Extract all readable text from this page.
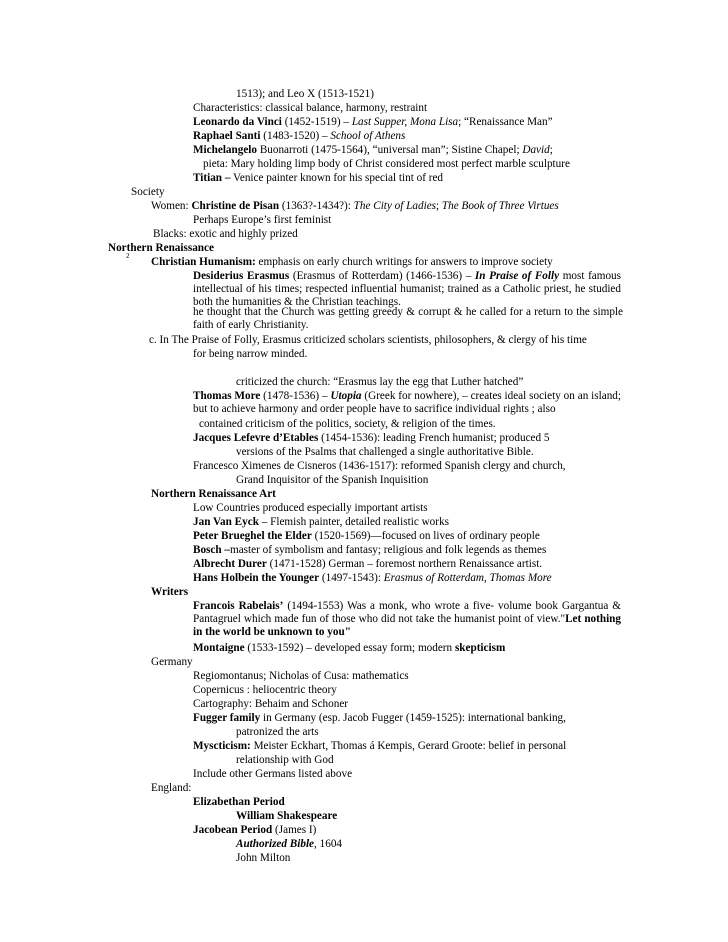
1513); and Leo X (1513-1521)
Characteristics: classical balance, harmony, restraint
Leonardo da Vinci (1452-1519) – Last Supper, Mona Lisa; “Renaissance Man”
Raphael Santi (1483-1520) – School of Athens
Michelangelo Buonarroti (1475-1564), “universal man”; Sistine Chapel; David;
pieta: Mary holding limp body of Christ considered most perfect marble sculpture
Titian – Venice painter known for his special tint of red
Society
Women: Christine de Pisan (1363?-1434?): The City of Ladies; The Book of Three Virtues
Perhaps Europe’s first feminist
Blacks: exotic and highly prized
Northern Renaissance
2 Christian Humanism: emphasis on early church writings for answers to improve society
Desiderius Erasmus (Erasmus of Rotterdam) (1466-1536) – In Praise of Folly most famous intellectual of his times; respected influential humanist; trained as a Catholic priest, he studied both the humanities & the Christian teachings.
he thought that the Church was getting greedy & corrupt & he called for a return to the simple faith of early Christianity.
c. In The Praise of Folly, Erasmus criticized scholars scientists, philosophers, & clergy of his time
for being narrow minded.
criticized the church: “Erasmus lay the egg that Luther hatched”
Thomas More (1478-1536) – Utopia (Greek for nowhere), – creates ideal society on an island; but to achieve harmony and order people have to sacrifice individual rights ; also
contained criticism of the politics, society, & religion of the times.
Jacques Lefevre d’Etables (1454-1536): leading French humanist; produced 5
versions of the Psalms that challenged a single authoritative Bible.
Francesco Ximenes de Cisneros (1436-1517): reformed Spanish clergy and church,
Grand Inquisitor of the Spanish Inquisition
Northern Renaissance Art
Low Countries produced especially important artists
Jan Van Eyck – Flemish painter, detailed realistic works
Peter Brueghel the Elder (1520-1569)—focused on lives of ordinary people
Bosch –master of symbolism and fantasy; religious and folk legends as themes
Albrecht Durer (1471-1528) German – foremost northern Renaissance artist.
Hans Holbein the Younger (1497-1543): Erasmus of Rotterdam, Thomas More
Writers
Francois Rabelais’ (1494-1553) Was a monk, who wrote a five- volume book Gargantua & Pantagruel which made fun of those who did not take the humanist point of view."Let nothing in the world be unknown to you"
Montaigne (1533-1592) – developed essay form; modern skepticism
Germany
Regiomontanus; Nicholas of Cusa: mathematics
Copernicus : heliocentric theory
Cartography: Behaim and Schoner
Fugger family in Germany (esp. Jacob Fugger (1459-1525): international banking,
patronized the arts
Myscticism: Meister Eckhart, Thomas á Kempis, Gerard Groote: belief in personal
relationship with God
Include other Germans listed above
England:
Elizabethan Period
William Shakespeare
Jacobean Period (James I)
Authorized Bible, 1604
John Milton
